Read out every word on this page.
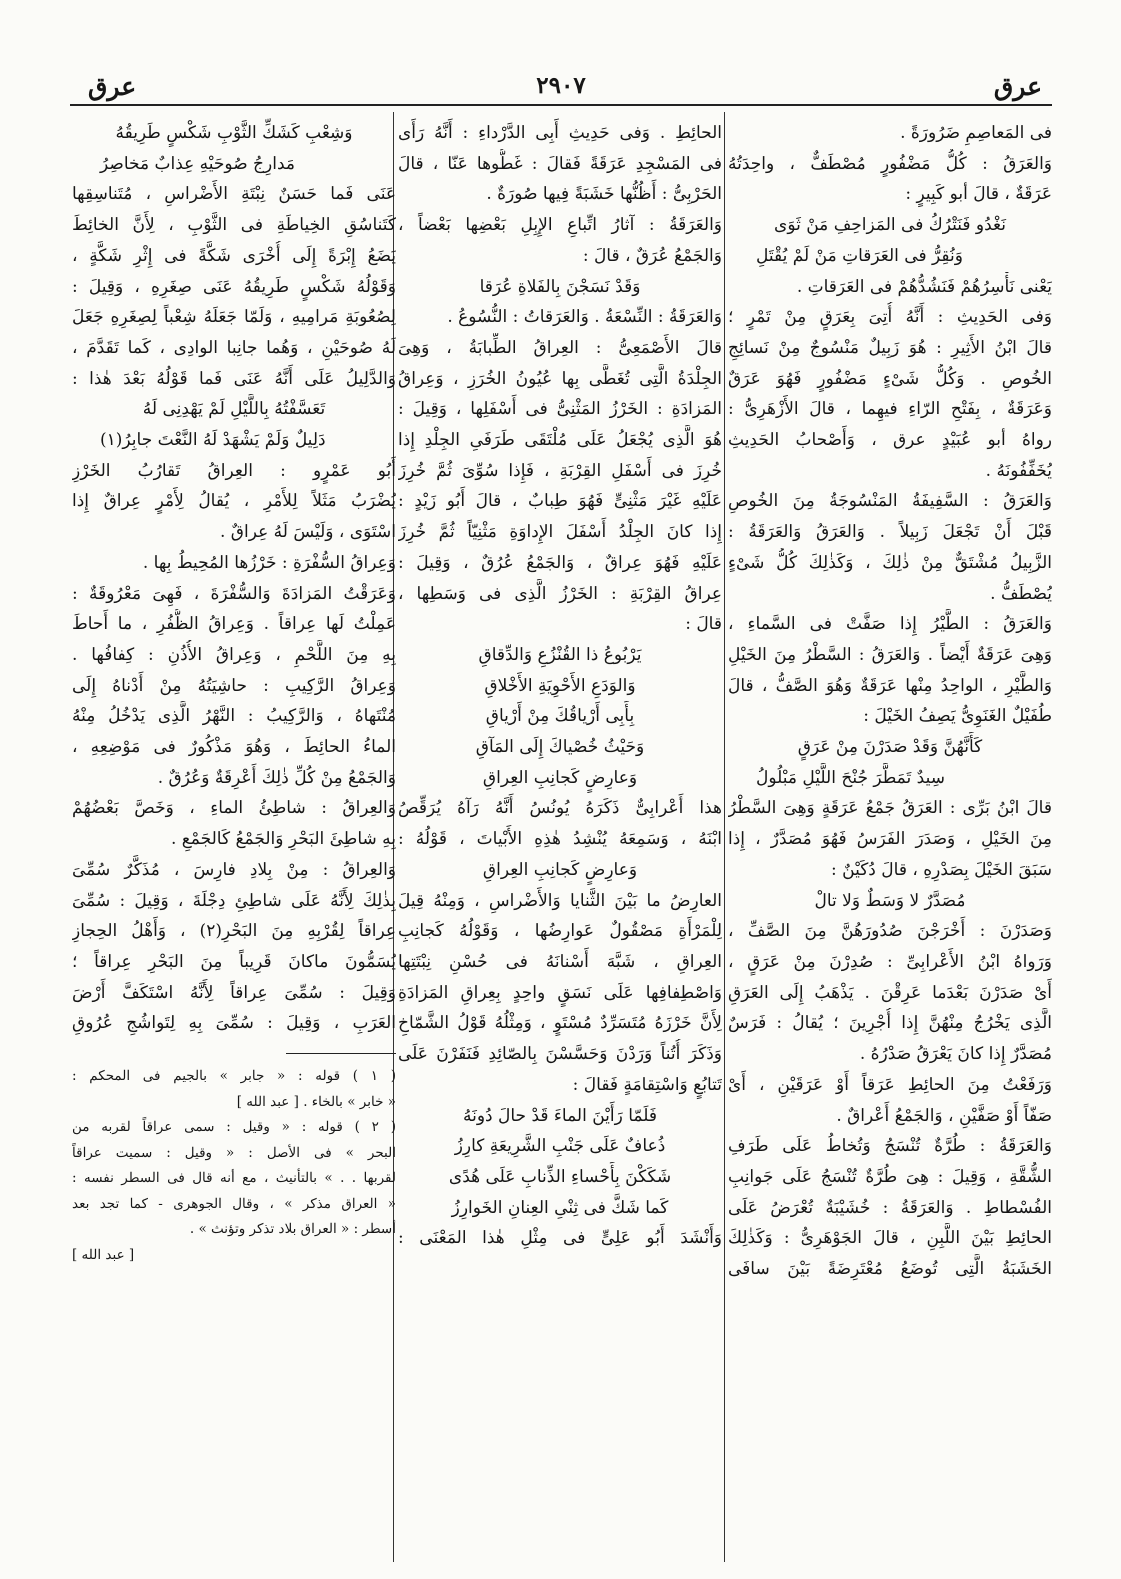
عرق	٢٩٠٧	عرق
فى المَعاصِمِ ضَرُورَةً .
وَالعَرَقُ : كُلُّ مَضْفُورٍ مُصْطَفٌّ ، واحِدَتُهُ
عَرَقَةٌ ، قالَ أبو كَبِيرٍ :
نَغْدُو فَنَتْرُكُ فى المَزاحِفِ مَنْ ثَوَى
وَنُقِرُّ فى العَرَقاتِ مَنْ لَمْ يُقْتَلِ
يَعْنى نَأْسِرُهُمْ فَنَشُدُّهُمْ فى العَرَقاتِ .
وَفى الحَدِيثِ : أَنَّهُ أُتِىَ بِعَرَقٍ مِنْ تَمْرٍ ؛
قالَ ابْنُ الأَثِيرِ : هُوَ زَبِيلٌ مَنْسُوجٌ مِنْ نَسائِجِ
الخُوصِ . وَكُلُّ شَىْءٍ مَضْفُورٍ فَهُوَ عَرَقٌ
وَعَرَقَةٌ ، بِفَتْحِ الرّاءِ فيهِما ، قالَ الأَزْهَرِىُّ :
رواهُ أبو عُبَيْدٍ عرق ، وَأَصْحابُ الحَدِيثِ
يُخَفِّفُونَهُ .
وَالعَرَقُ : السَّفِيفَةُ المَنْسُوجَةُ مِنَ الخُوصِ
قَبْلَ أَنْ تَجْعَلَ زَبِيلاً . وَالعَرَقُ وَالعَرَقَةُ :
الزَّبِيلُ مُشْتَقٌّ مِنْ ذٰلِكَ ، وَكَذٰلِكَ كُلُّ شَىْءٍ
يُصْطَفُّ .
وَالعَرَقُ : الطَّيْرُ إِذا صَفَّتْ فى السَّماءِ ،
وَهِىَ عَرَقَةٌ أَيْضاً . وَالعَرَقُ : السَّطْرُ مِنَ الخَيْلِ
وَالطَّيْرِ ، الواحِدُ مِنْها عَرَقَةٌ وَهُوَ الصَّفُّ ، قالَ
طُفَيْلٌ الغَنَوِىُّ يَصِفُ الخَيْلَ :
كَأَنَّهُنَّ وَقَدْ صَدَرْنَ مِنْ عَرَقٍ
سِيدٌ تَمَطَّرَ جُنْحَ اللَّيْلِ مَبْلُولُ
قالَ ابْنُ بَرِّى : العَرَقُ جَمْعُ عَرَقَةٍ وَهِىَ السَّطْرُ
مِنَ الخَيْلِ ، وَصَدَرَ الفَرَسُ فَهُوَ مُصَدَّرٌ ، إِذا
سَبَقَ الخَيْلَ بِصَدْرِهِ ، قالَ دُكَيْنٌ :
مُصَدَّرٌ لا وَسَطٌ وَلا تالْ
وَصَدَرْنَ : أَخْرَجْنَ صُدُورَهُنَّ مِنَ الصَّفِّ ،
وَرَواهُ ابْنُ الأَعْرابِىِّ : صُدِرْنَ مِنْ عَرَقٍ ،
أَىْ صَدَرْنَ بَعْدَما عَرِقْنَ . يَذْهَبُ إِلَى العَرَقِ
الَّذِى يَخْرُجُ مِنْهُنَّ إِذا أُجْرِينَ ؛ يُقالُ : فَرَسٌ
مُصَدَّرٌ إِذا كانَ يَعْرَقُ صَدْرُهُ .
وَرَفَعْتُ مِنَ الحائِطِ عَرَقاً أَوْ عَرَقَيْنِ ، أَىْ
صَفّاً أَوْ صَفَّيْنِ ، وَالجَمْعُ أَعْراقٌ .
وَالعَرَقَةُ : طُرَّةٌ تُنْسَجُ وَتُخاطُ عَلَى طَرَفِ
الشُّقَّةِ ، وَقِيلَ : هِىَ طُرَّةٌ تُنْسَجُ عَلَى جَوانِبِ
الفُسْطاطِ . وَالعَرَقَةُ : خُشَيْبَةٌ تُعْرَضُ عَلَى
الحائِطِ بَيْنَ اللَّبِنِ ، قالَ الجَوْهَرِىُّ : وَكَذٰلِكَ
الخَشَبَةُ الَّتِى تُوضَعُ مُعْتَرِضَةً بَيْنَ سافَى
الحائِطِ . وَفى حَدِيثِ أَبِى الدَّرْداءِ : أَنَّهُ رَأَى
فى المَسْجِدِ عَرَقَةً فَقالَ : غَطُّوها عَنّا ، قالَ
الحَرْبِىُّ : أَظُنُّها خَشَبَةً فِيها صُورَةٌ .
وَالعَرَقَةُ : آثارُ اتِّباعِ الإِبِلِ بَعْضِها بَعْضاً ،
وَالجَمْعُ عُرَقٌ ، قالَ :
وَقَدْ نَسَجْنَ بِالفَلاةِ عُرَقا
وَالعَرَقَةُ : النِّسْعَةُ . وَالعَرَقاتُ : النُّسُوعُ .
قالَ الأَصْمَعِىُّ : العِراقُ الطِّبابَةُ ، وَهِىَ
الجِلْدَةُ الَّتِى تُغَطَّى بِها عُيُونُ الخُرَزِ ، وَعِراقُ
المَزادَةِ : الخَرْزُ المَثْنِىُّ فى أَسْفَلِها ، وَقِيلَ :
هُوَ الَّذِى يُجْعَلُ عَلَى مُلْتَقَى طَرَفَىِ الجِلْدِ إِذا
خُرِزَ فى أَسْفَلِ القِرْبَةِ ، فَإِذا سُوِّىَ ثُمَّ خُرِزَ
عَلَيْهِ غَيْرَ مَثْنِىٍّ فَهُوَ طِبابٌ ، قالَ أَبُو زَيْدٍ :
إِذا كانَ الجِلْدُ أَسْفَلَ الإِداوَةِ مَثْنِيّاً ثُمَّ خُرِزَ
عَلَيْهِ فَهُوَ عِراقٌ ، وَالجَمْعُ عُرُقٌ ، وَقِيلَ :
عِراقُ القِرْبَةِ : الخَرْزُ الَّذِى فى وَسَطِها ،
قالَ :
يَرْبُوعُ ذا القُنْزُعِ وَالدِّقاقِ
وَالوَدَعِ الأَحْوِيَةِ الأَخْلاقِ
بِأَبِى أَرْياقُكَ مِنْ أَرْياقِ
وَحَيْثُ خُصْياكَ إِلَى المَآقِ
وَعارِضٍ كَجانِبِ العِراقِ
هذا أَعْرابِىٌّ ذَكَرَهُ يُونُسُ أَنَّهُ رَآهُ يُرَقِّصُ
ابْنَهُ ، وَسَمِعَهُ يُنْشِدُ هٰذِهِ الأَبْياتَ ، قَوْلُهُ :
وَعارِضٍ كَجانِبِ العِراقِ
العارِضُ ما بَيْنَ الثَّنايا وَالأَضْراسِ ، وَمِنْهُ قِيلَ
لِلْمَرْأَةِ مَصْقُولٌ عَوارِضُها ، وَقَوْلُهُ كَجانِبِ
العِراقِ ، شَبَّهَ أَسْنانَهُ فى حُسْنِ نِبْتَتِها
وَاصْطِفافِها عَلَى نَسَقٍ واحِدٍ بِعِراقِ المَزادَةِ
لِأَنَّ خَرْزَهُ مُتَسَرِّدٌ مُسْتَوٍ ، وَمِثْلُهُ قَوْلُ الشَّمّاخِ
وَذَكَرَ أُتُناً وَرَدْنَ وَحَسَّسْنَ بِالصّائِدِ فَنَفَرْنَ عَلَى
تَتابُعٍ وَاسْتِقامَةٍ فَقالَ :
فَلَمّا رَأَيْنَ الماءَ قَدْ حالَ دُونَهُ
ذُعافٌ عَلَى جَنْبِ الشَّرِيعَةِ كارِزُ
شَكَكْنَ بِأَحْساءِ الذِّنابِ عَلَى هُدًى
كَما شَكَّ فى ثِنْىِ العِنانِ الخَوارِزُ
وَأَنْشَدَ أَبُو عَلِىٍّ فى مِثْلِ هٰذا المَعْنَى :
وَشِعْبِ كَشَكِّ الثَّوْبِ شَكْسٍ طَرِيقُهُ
مَدارِجُ صُوحَيْهِ عِذابٌ مَخاصِرُ
عَنَى فَما حَسَنٌ نِبْتَةِ الأَضْراسِ ، مُتَناسِقِها
كَتَناسُقِ الخِياطَةِ فى الثَّوْبِ ، لِأَنَّ الخائِطَ
يَضَعُ إِبْرَةً إِلَى أُخْرَى شَكَّةً فى إِثْرِ شَكَّةٍ ،
وَقَوْلُهُ شَكْسٍ طَرِيقُهُ عَنَى صِغَرِهِ ، وَقِيلَ :
لِصُعُوبَةِ مَرامِيهِ ، وَلَمّا جَعَلَهُ شِعْباً لِصِغَرِهِ جَعَلَ
لَهُ صُوحَيْنِ ، وَهُما جانِبا الوادِى ، كَما تَقَدَّمَ ،
وَالدَّلِيلُ عَلَى أَنَّهُ عَنَى فَما قَوْلُهُ بَعْدَ هٰذا :
تَعَسَّفْتُهُ بِاللَّيْلِ لَمْ يَهْدِنِى لَهُ
دَلِيلٌ وَلَمْ يَشْهَدْ لَهُ النَّعْتَ جابِرُ(١)
أَبُو عَمْرٍو : العِراقُ تَقارُبُ الخَرْزِ
يُضْرَبُ مَثَلاً لِلأَمْرِ ، يُقالُ لِأَمْرٍ عِراقٌ إِذا
اسْتَوَى ، وَلَيْسَ لَهُ عِراقٌ .
وَعِراقُ السُّفْرَةِ : خَرْزُها المُحِيطُ بِها .
وَعَرَقْتُ المَزادَةَ وَالسُّفْرَةَ ، فَهِىَ مَعْرُوقَةٌ :
عَمِلْتُ لَها عِراقاً . وَعِراقُ الظُّفُرِ ، ما أَحاطَ
بِهِ مِنَ اللَّحْمِ ، وَعِراقُ الأُذُنِ : كِفافُها .
وَعِراقُ الرَّكِيبِ : حاشِيَتُهُ مِنْ أَدْناهُ إِلَى
مُنْتَهاهُ ، وَالرَّكِيبُ : النَّهْرُ الَّذِى يَدْخُلُ مِنْهُ
الماءُ الحائِطَ ، وَهُوَ مَذْكُورٌ فى مَوْضِعِهِ ،
وَالجَمْعُ مِنْ كُلِّ ذٰلِكَ أَعْرِقَةٌ وَعُرُقٌ .
وَالعِراقُ : شاطِئُ الماءِ ، وَخَصَّ بَعْضُهُمْ
بِهِ شاطِئَ البَحْرِ وَالجَمْعُ كَالجَمْعِ .
وَالعِراقُ : مِنْ بِلادِ فارِسَ ، مُذَكَّرٌ سُمِّىَ
بِذٰلِكَ لِأَنَّهُ عَلَى شاطِئِ دِجْلَةَ ، وَقِيلَ : سُمِّىَ
عِراقاً لِقُرْبِهِ مِنَ البَحْرِ(٢) ، وَأَهْلُ الحِجازِ
يُسَمُّونَ ماكانَ قَرِيباً مِنَ البَحْرِ عِراقاً ؛
وَقِيلَ : سُمِّىَ عِراقاً لِأَنَّهُ اسْتَكَفَّ أَرْضَ
العَرَبِ ، وَقِيلَ : سُمِّىَ بِهِ لِتَواشُجِ عُرُوقِ
( ١ ) قوله : « جابر » بالجيم فى المحكم :
« خابر » بالخاء . [ عبد الله ]
( ٢ ) قوله : « وقيل : سمى عراقاً لقربه من
البحر » فى الأصل : « وقيل : سميت عراقاً
لقربها . . » بالتأنيث ، مع أنه قال فى السطر نفسه :
« العراق مذكر » ، وقال الجوهرى - كما تجد بعد
أسطر : « العراق بلاد تذكر وتؤنث » .
[ عبد الله ]
